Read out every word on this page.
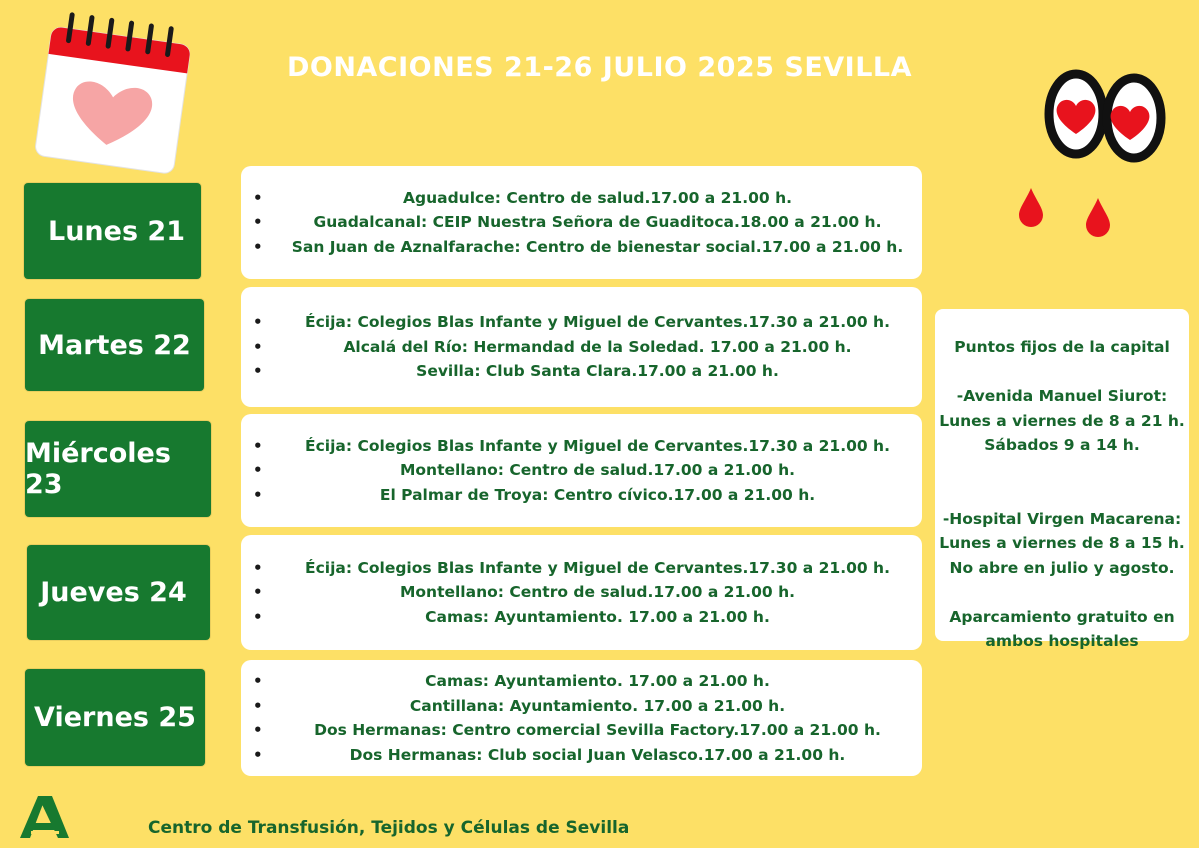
DONACIONES 21-26 JULIO 2025 SEVILLA
Lunes 21
• Aguadulce: Centro de salud.17.00 a 21.00 h.
• Guadalcanal: CEIP Nuestra Señora de Guaditoca.18.00 a 21.00 h.
• San Juan de Aznalfarache: Centro de bienestar social.17.00 a 21.00 h.
Martes 22
• Écija: Colegios Blas Infante y Miguel de Cervantes.17.30 a 21.00 h.
• Alcalá del Río: Hermandad de la Soledad. 17.00 a 21.00 h.
• Sevilla: Club Santa Clara.17.00 a 21.00 h.
Miércoles 23
• Écija: Colegios Blas Infante y Miguel de Cervantes.17.30 a 21.00 h.
• Montellano: Centro de salud.17.00 a 21.00 h.
• El Palmar de Troya: Centro cívico.17.00 a 21.00 h.
Jueves 24
• Écija: Colegios Blas Infante y Miguel de Cervantes.17.30 a 21.00 h.
• Montellano: Centro de salud.17.00 a 21.00 h.
• Camas: Ayuntamiento. 17.00 a 21.00 h.
Viernes 25
• Camas: Ayuntamiento. 17.00 a 21.00 h.
• Cantillana: Ayuntamiento. 17.00 a 21.00 h.
• Dos Hermanas: Centro comercial Sevilla Factory.17.00 a 21.00 h.
• Dos Hermanas: Club social Juan Velasco.17.00 a 21.00 h.
Puntos fijos de la capital
-Avenida Manuel Siurot:
Lunes a viernes de 8 a 21 h.
Sábados 9 a 14 h.
-Hospital Virgen Macarena:
Lunes a viernes de 8 a 15 h.
No abre en julio y agosto.
Aparcamiento gratuito en
ambos hospitales
Centro de Transfusión, Tejidos y Células de Sevilla
